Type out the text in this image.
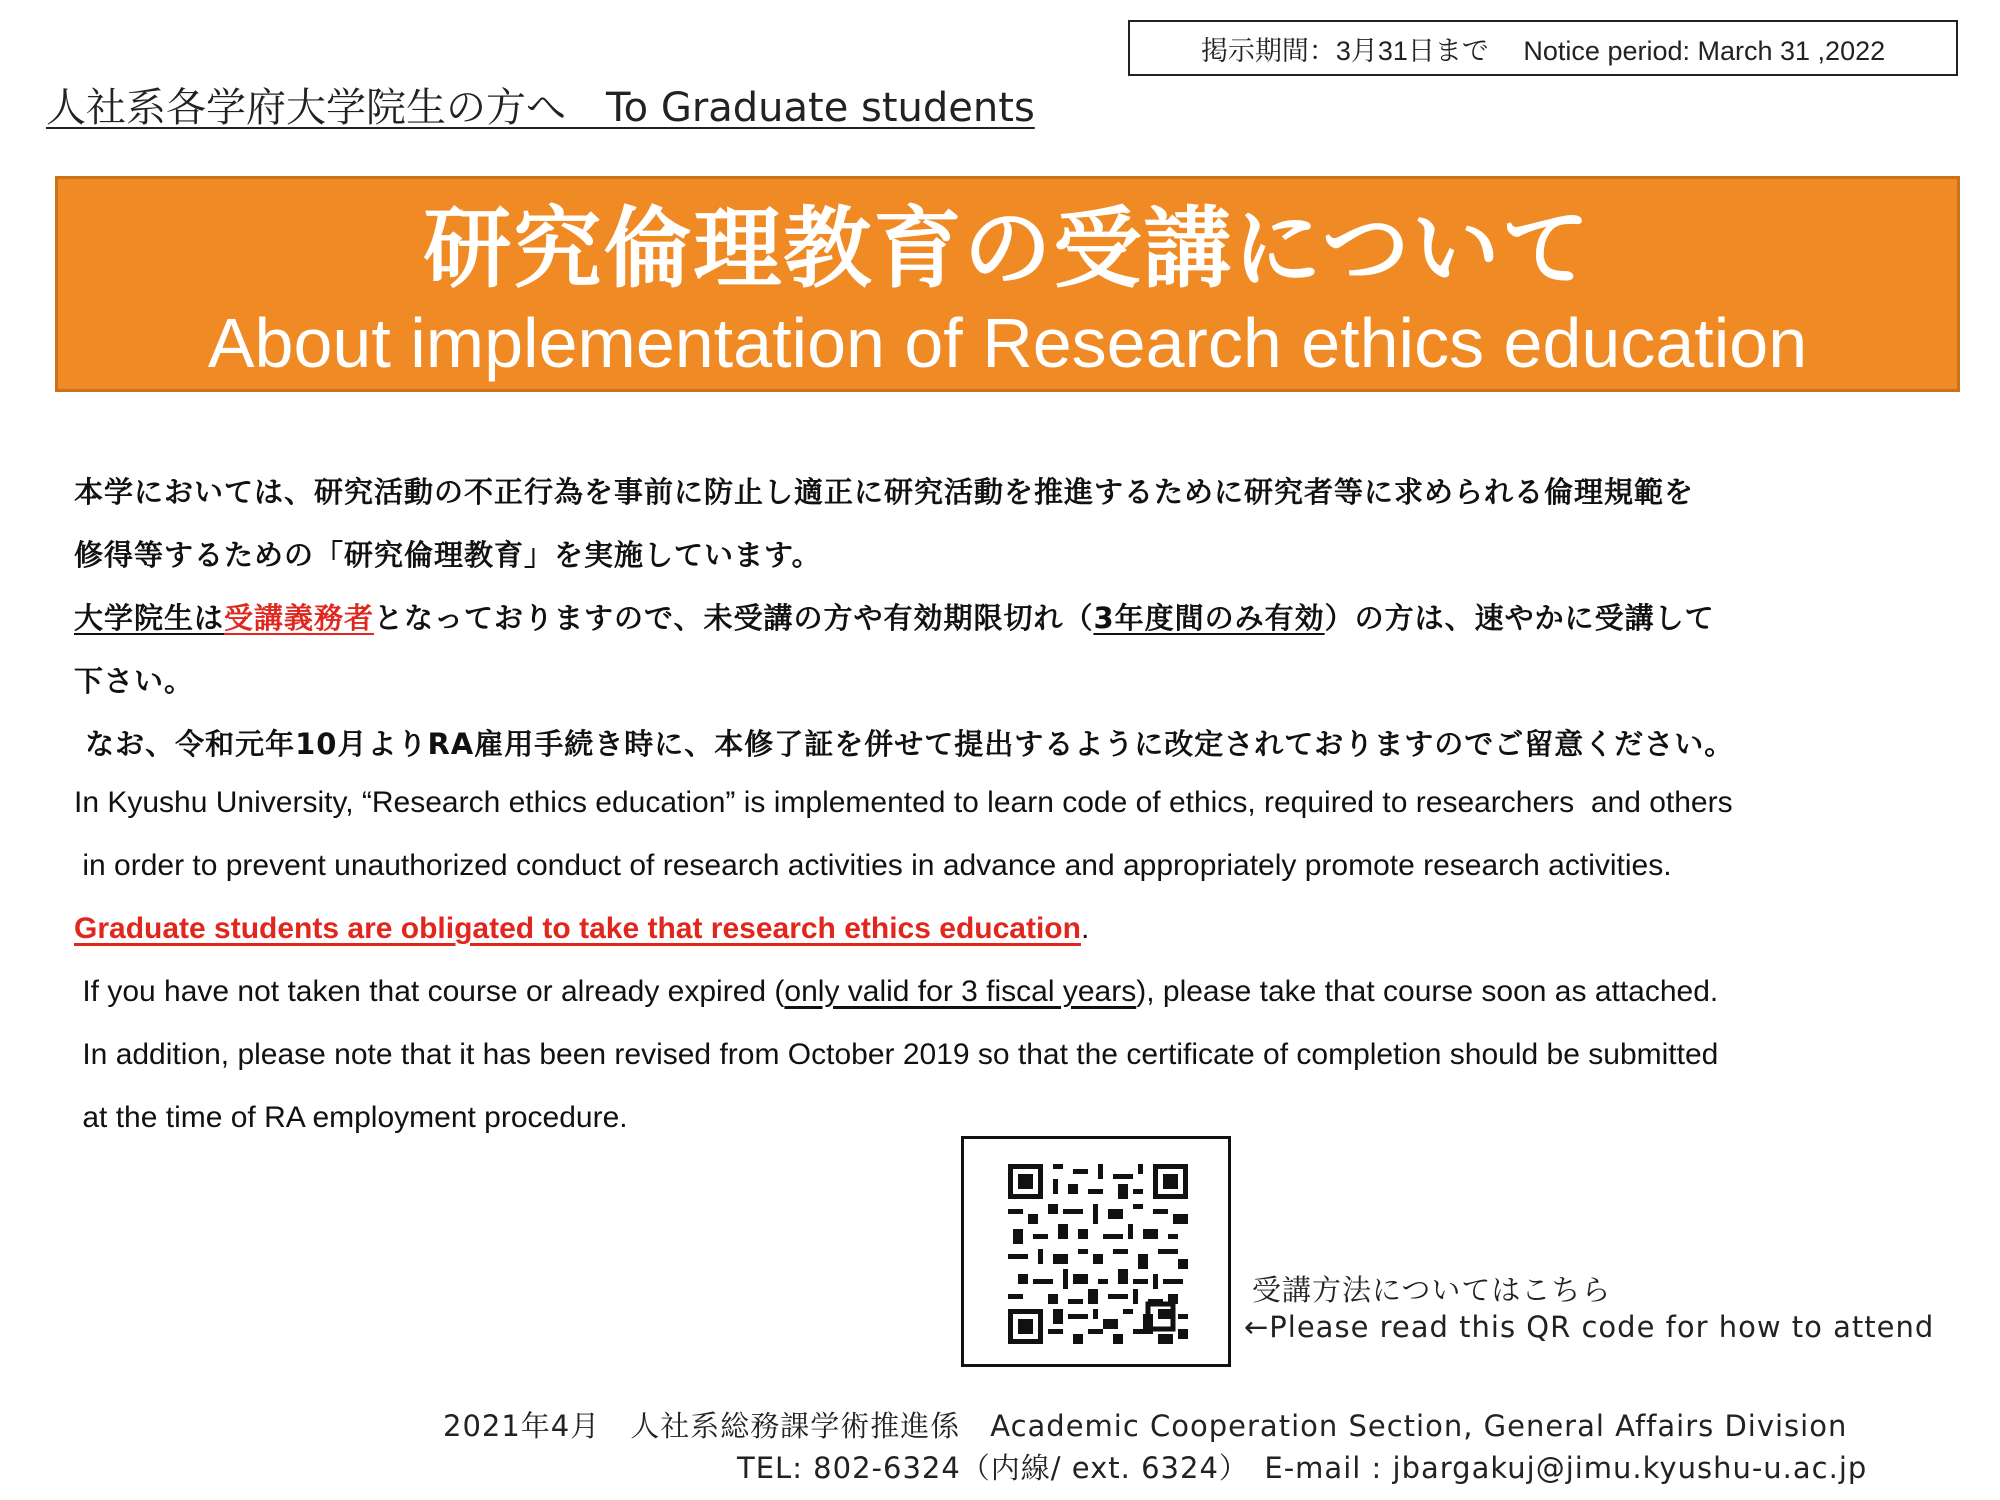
掲示期間：3月31日まで　 Notice period: March 31 ,2022
人社系各学府大学院生の方へ　To Graduate students
研究倫理教育の受講について
About implementation of Research ethics education
本学においては、研究活動の不正行為を事前に防止し適正に研究活動を推進するために研究者等に求められる倫理規範を
修得等するための「研究倫理教育」を実施しています。
大学院生は受講義務者となっておりますので、未受講の方や有効期限切れ（3年度間のみ有効）の方は、速やかに受講して
下さい。
なお、令和元年10月よりRA雇用手続き時に、本修了証を併せて提出するように改定されておりますのでご留意ください。
In Kyushu University, “Research ethics education” is implemented to learn code of ethics, required to researchers  and others
in order to prevent unauthorized conduct of research activities in advance and appropriately promote research activities.
Graduate students are obligated to take that research ethics education.
If you have not taken that course or already expired (only valid for 3 fiscal years), please take that course soon as attached.
In addition, please note that it has been revised from October 2019 so that the certificate of completion should be submitted
at the time of RA employment procedure.
受講方法についてはこちら
←Please read this QR code for how to attend
2021年4月　人社系総務課学術推進係　Academic Cooperation Section, General Affairs Division
TEL: 802-6324（内線/ ext. 6324）　E-mail : jbargakuj@jimu.kyushu-u.ac.jp
